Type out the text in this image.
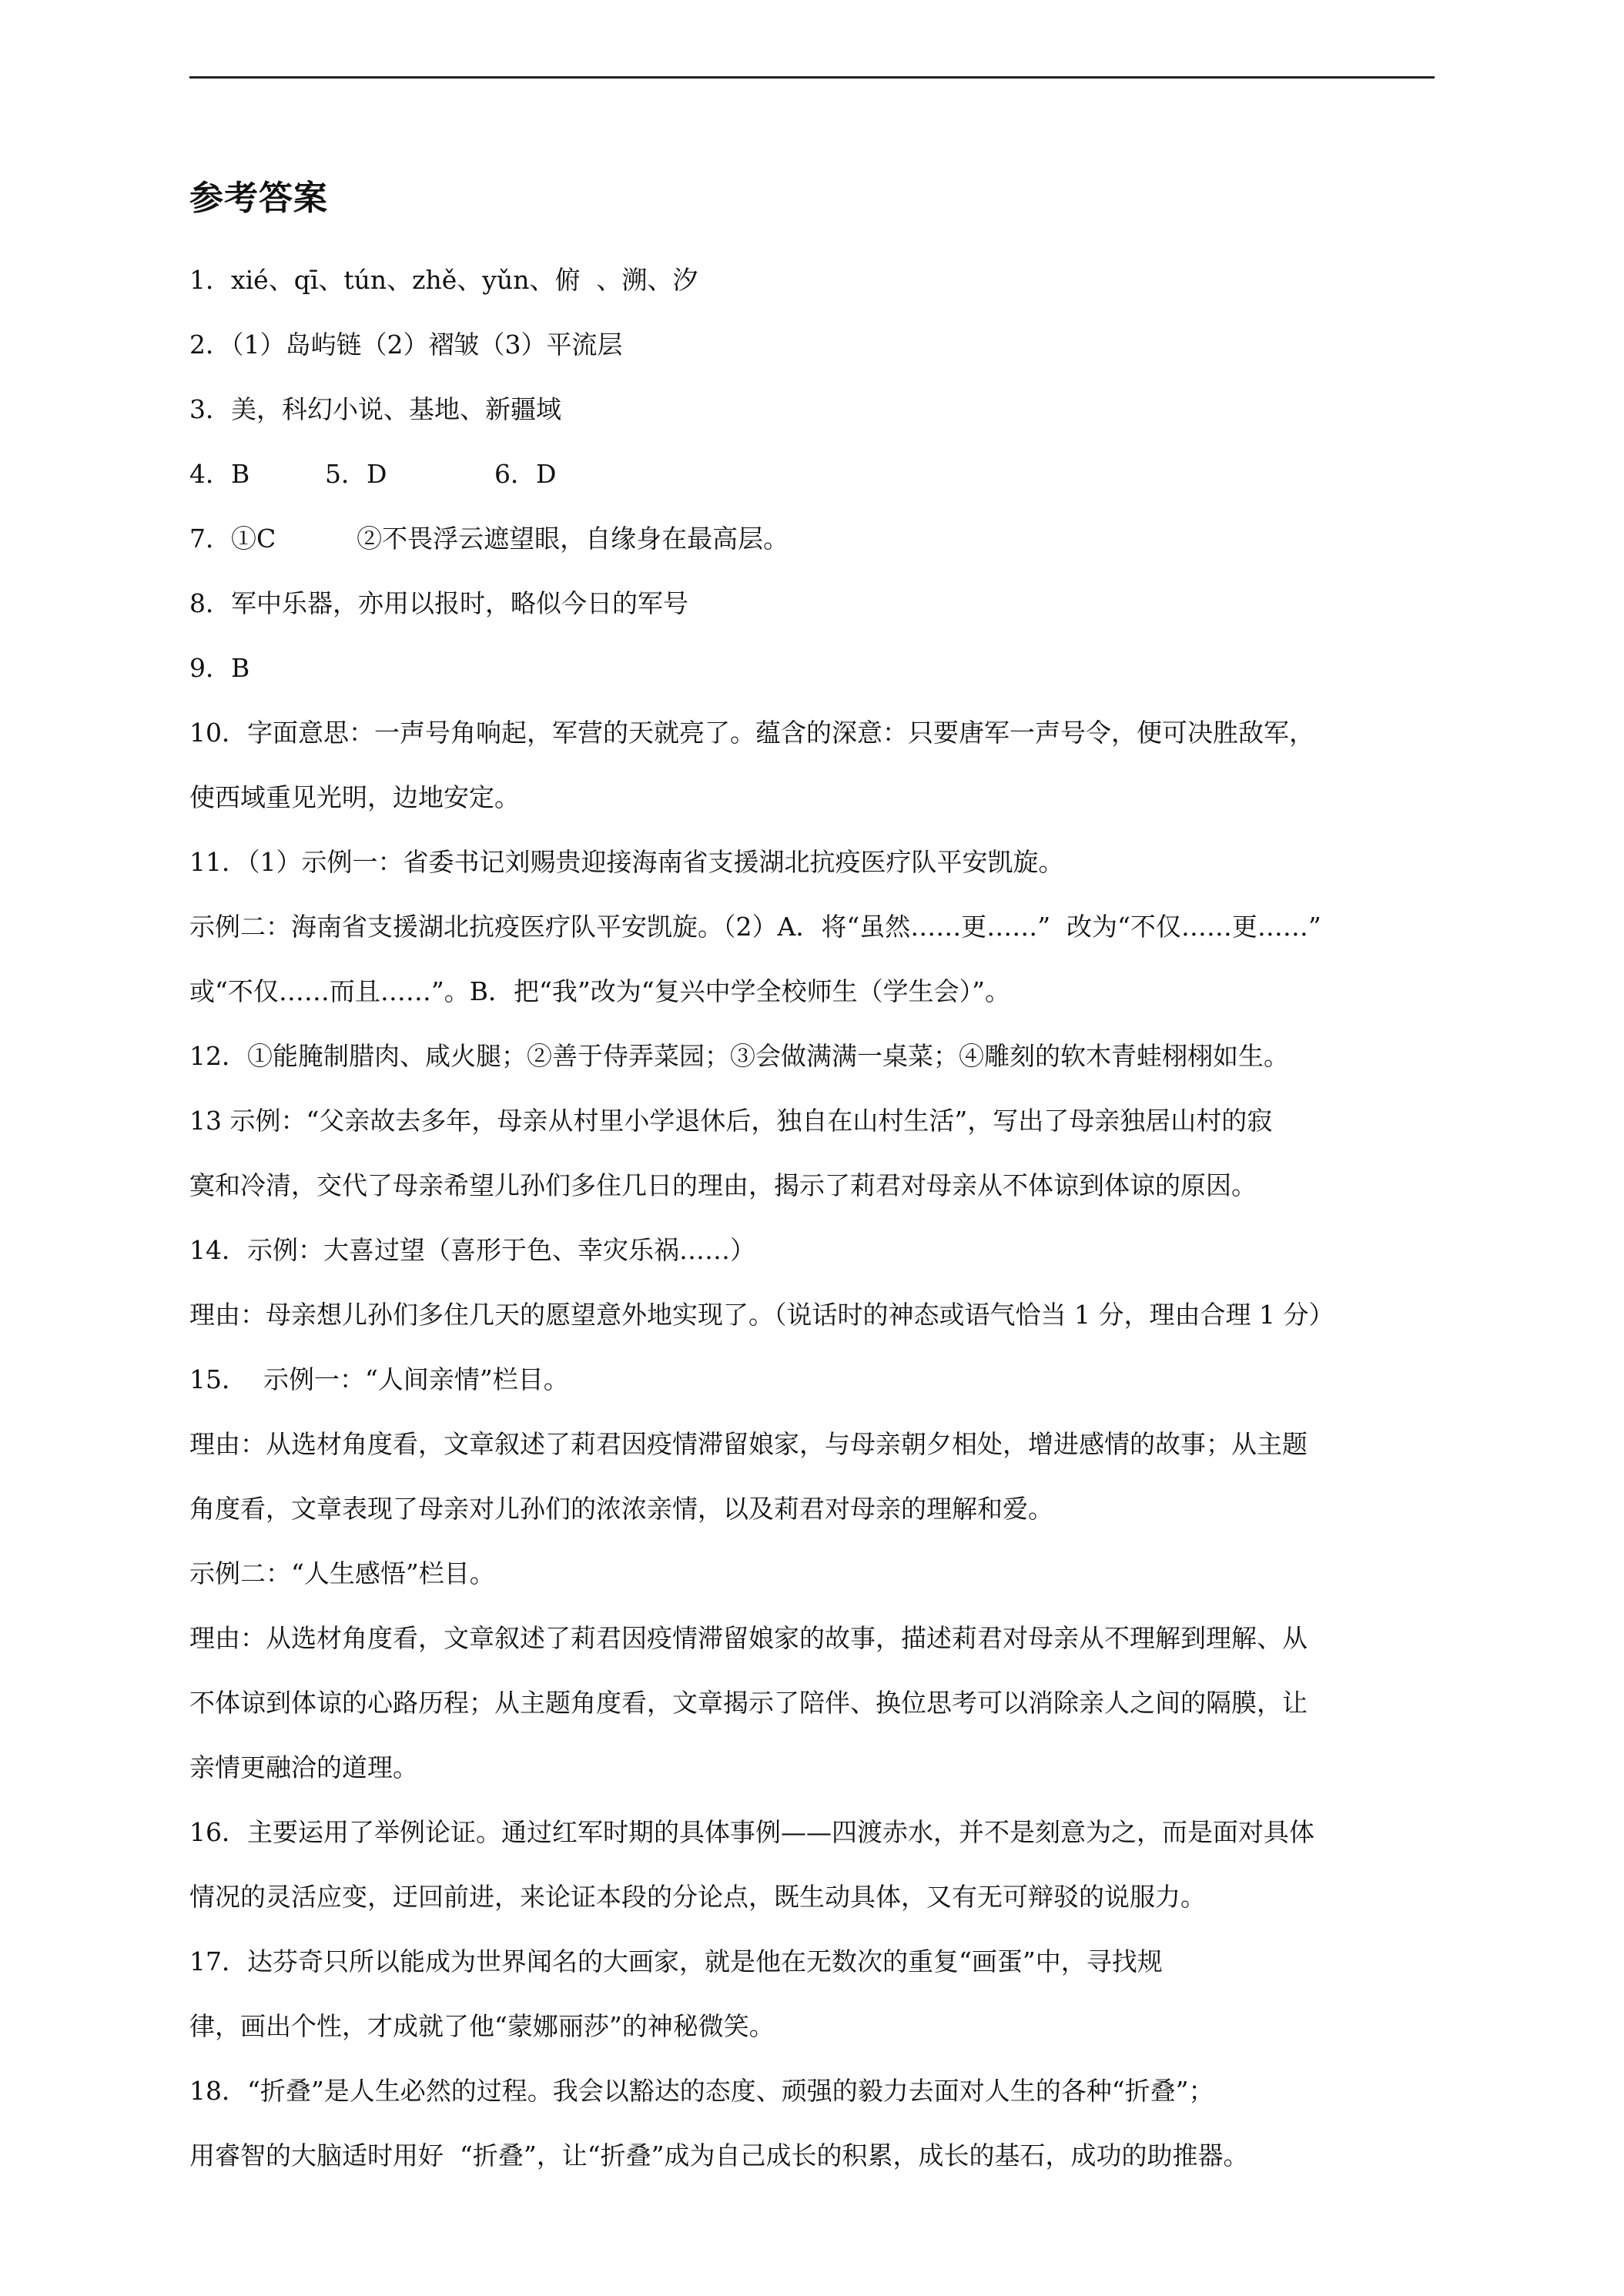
参考答案
1．xié、qī、tún、zhě、yǔn、俯  、溯、汐
2．（1）岛屿链（2）褶皱（3）平流层
3．美，科幻小说、基地、新疆域
4．B	5．D	6．D
7．①C          ②不畏浮云遮望眼，自缘身在最高层。
8．军中乐器，亦用以报时，略似今日的军号
9．B
10．字面意思：一声号角响起，军营的天就亮了。蕴含的深意：只要唐军一声号令，便可决胜敌军，
使西域重见光明，边地安定。
11．（1）示例一：省委书记刘赐贵迎接海南省支援湖北抗疫医疗队平安凯旋。
示例二：海南省支援湖北抗疫医疗队平安凯旋。（2）A．将“虽然……更……”  改为“不仅……更……”
或“不仅……而且……”。B．把“我”改为“复兴中学全校师生（学生会）”。
12．①能腌制腊肉、咸火腿；②善于侍弄菜园；③会做满满一桌菜；④雕刻的软木青蛙栩栩如生。
13 示例：“父亲故去多年，母亲从村里小学退休后，独自在山村生活”，写出了母亲独居山村的寂
寞和冷清，交代了母亲希望儿孙们多住几日的理由，揭示了莉君对母亲从不体谅到体谅的原因。
14．示例：大喜过望（喜形于色、幸灾乐祸……）
理由：母亲想儿孙们多住几天的愿望意外地实现了。（说话时的神态或语气恰当 1 分，理由合理 1 分）
15．  示例一：“人间亲情”栏目。
理由：从选材角度看，文章叙述了莉君因疫情滞留娘家，与母亲朝夕相处，增进感情的故事；从主题
角度看，文章表现了母亲对儿孙们的浓浓亲情，以及莉君对母亲的理解和爱。
示例二：“人生感悟”栏目。
理由：从选材角度看，文章叙述了莉君因疫情滞留娘家的故事，描述莉君对母亲从不理解到理解、从
不体谅到体谅的心路历程；从主题角度看，文章揭示了陪伴、换位思考可以消除亲人之间的隔膜，让
亲情更融洽的道理。
16．主要运用了举例论证。通过红军时期的具体事例——四渡赤水，并不是刻意为之，而是面对具体
情况的灵活应变，迂回前进，来论证本段的分论点，既生动具体，又有无可辩驳的说服力。
17．达芬奇只所以能成为世界闻名的大画家，就是他在无数次的重复“画蛋”中，寻找规
律，画出个性，才成就了他“蒙娜丽莎”的神秘微笑。
18．“折叠”是人生必然的过程。我会以豁达的态度、顽强的毅力去面对人生的各种“折叠”；
用睿智的大脑适时用好  “折叠”，让“折叠”成为自己成长的积累，成长的基石，成功的助推器。
